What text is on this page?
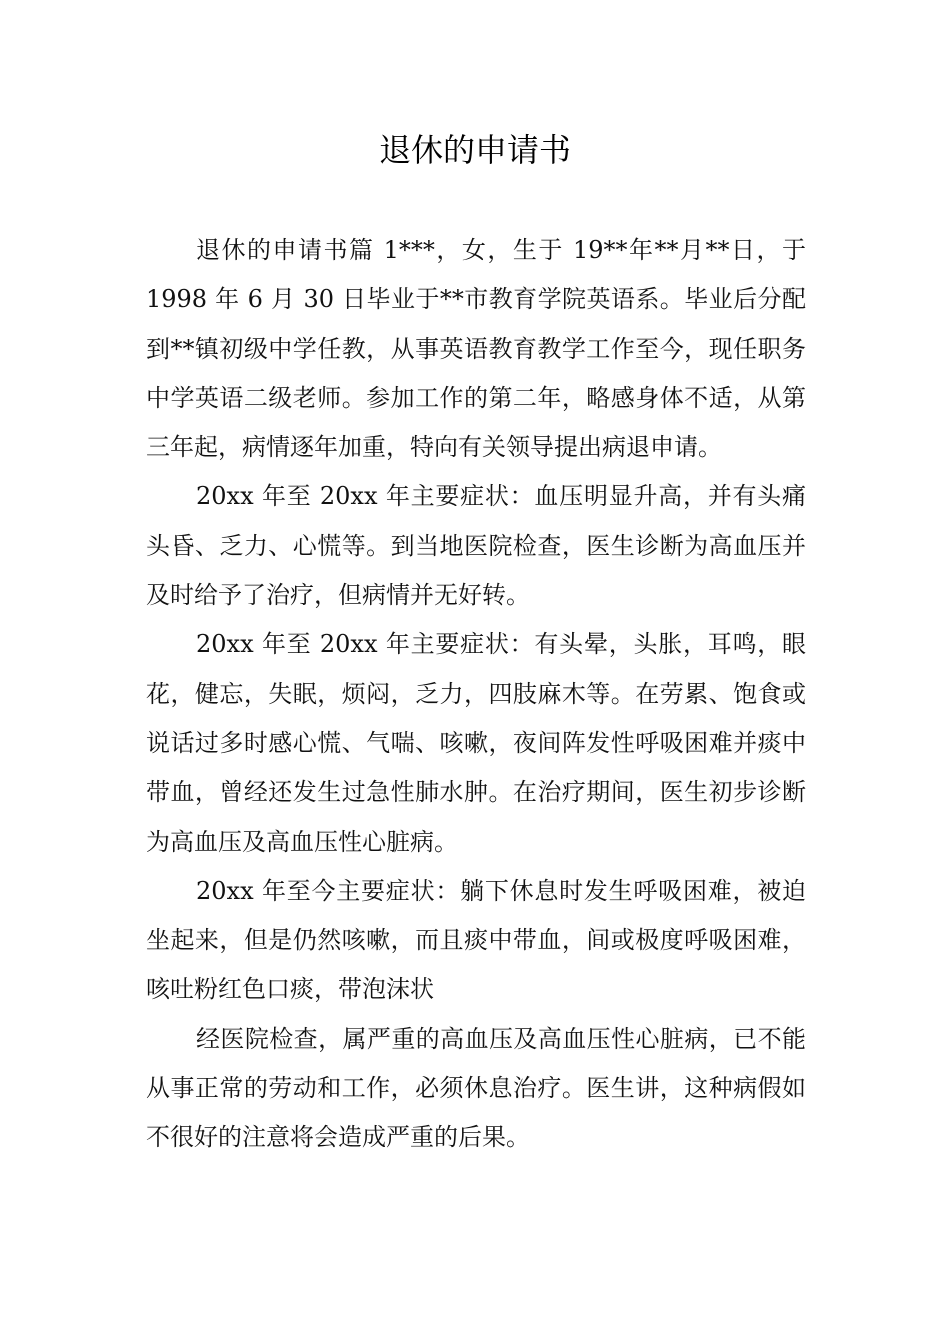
退休的申请书

退休的申请书篇 1***，女，生于 19**年**月**日，于 1998 年 6 月 30 日毕业于**市教育学院英语系。毕业后分配到**镇初级中学任教，从事英语教育教学工作至今，现任职务中学英语二级老师。参加工作的第二年，略感身体不适，从第三年起，病情逐年加重，特向有关领导提出病退申请。

20xx 年至 20xx 年主要症状：血压明显升高，并有头痛头昏、乏力、心慌等。到当地医院检查，医生诊断为高血压并及时给予了治疗，但病情并无好转。

20xx 年至 20xx 年主要症状：有头晕，头胀，耳鸣，眼花，健忘，失眠，烦闷，乏力，四肢麻木等。在劳累、饱食或说话过多时感心慌、气喘、咳嗽，夜间阵发性呼吸困难并痰中带血，曾经还发生过急性肺水肿。在治疗期间，医生初步诊断为高血压及高血压性心脏病。

20xx 年至今主要症状：躺下休息时发生呼吸困难，被迫坐起来，但是仍然咳嗽，而且痰中带血，间或极度呼吸困难，咳吐粉红色口痰，带泡沫状

经医院检查，属严重的高血压及高血压性心脏病，已不能从事正常的劳动和工作，必须休息治疗。医生讲，这种病假如不很好的注意将会造成严重的后果。
